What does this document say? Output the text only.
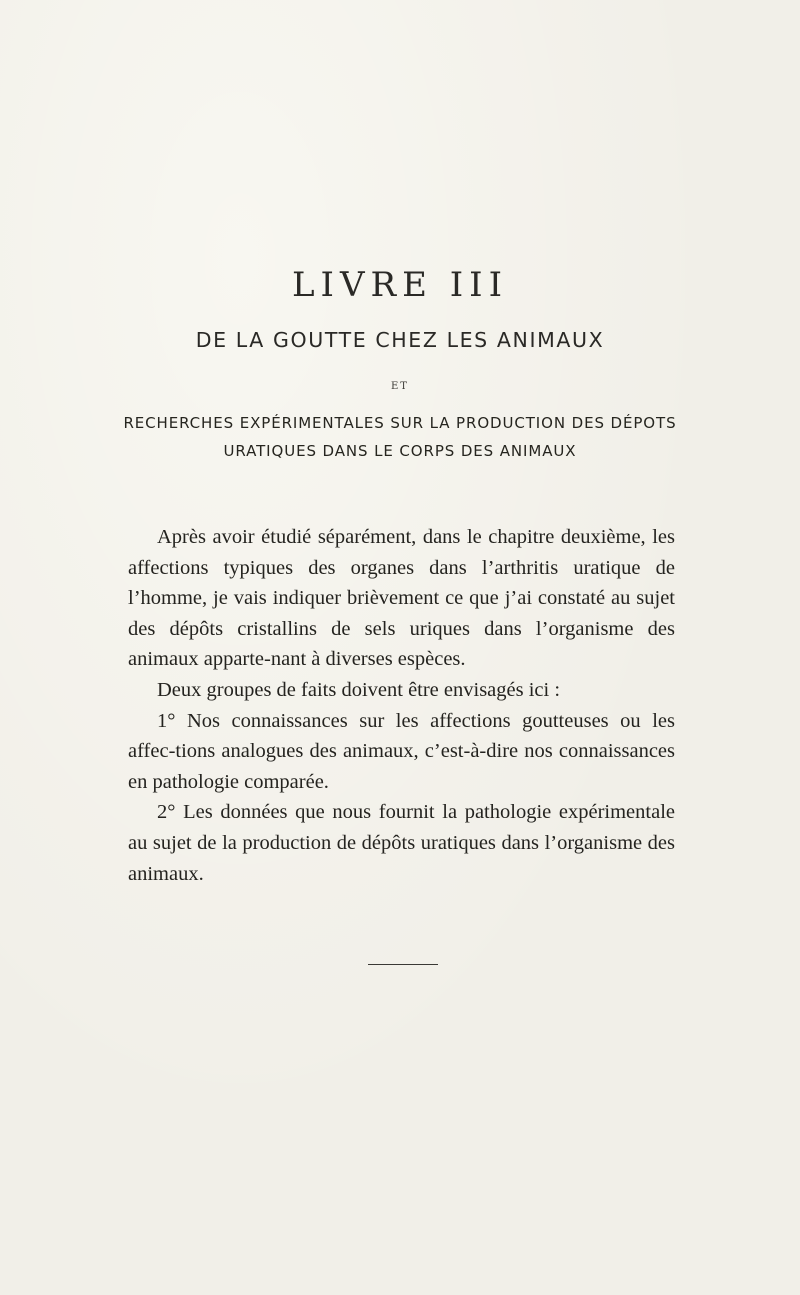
LIVRE III
DE LA GOUTTE CHEZ LES ANIMAUX
ET
RECHERCHES EXPÉRIMENTALES SUR LA PRODUCTION DES DÉPOTS
URATIQUES DANS LE CORPS DES ANIMAUX

Après avoir étudié séparément, dans le chapitre deuxième, les affections typiques des organes dans l’arthritis uratique de l’homme, je vais indiquer brièvement ce que j’ai constaté au sujet des dépôts cristallins de sels uriques dans l’organisme des animaux apparte-nant à diverses espèces.

Deux groupes de faits doivent être envisagés ici :

1° Nos connaissances sur les affections goutteuses ou les affec-tions analogues des animaux, c’est-à-dire nos connaissances en pathologie comparée.

2° Les données que nous fournit la pathologie expérimentale au sujet de la production de dépôts uratiques dans l’organisme des animaux.
